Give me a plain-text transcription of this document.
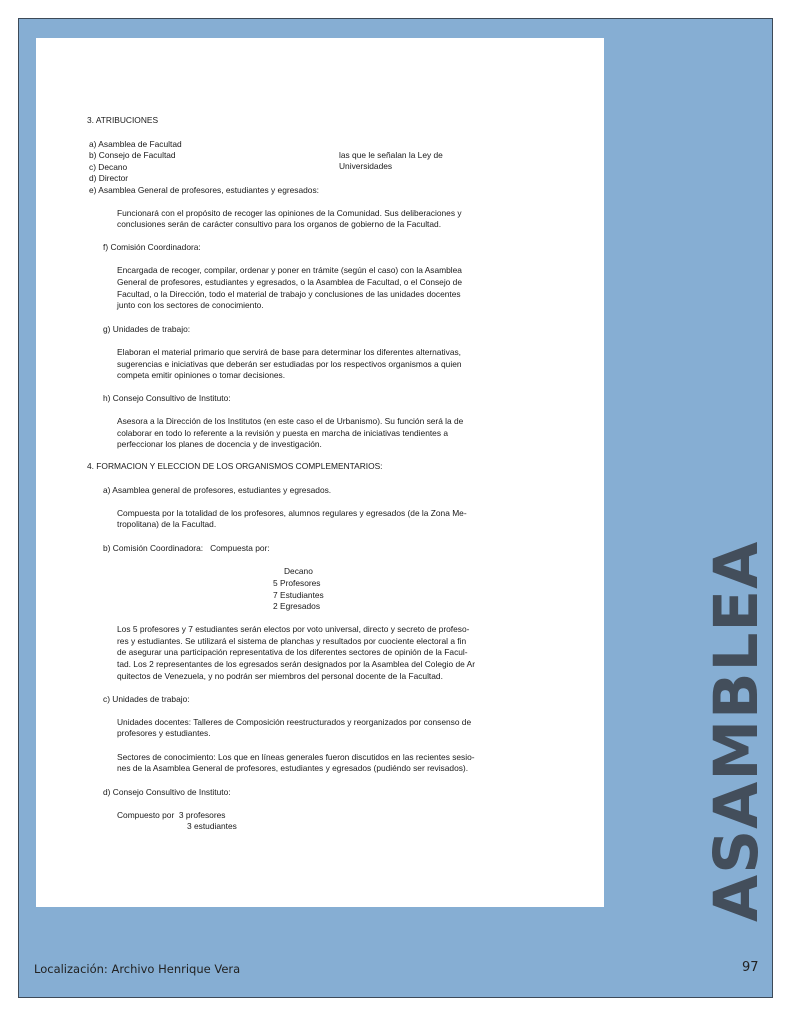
3. ATRIBUCIONES
a) Asamblea de Facultad
b) Consejo de Facultad
c) Decano
d) Director
las que le señalan la Ley de
Universidades
e) Asamblea General de profesores, estudiantes y egresados:
Funcionará con el propósito de recoger las opiniones de la Comunidad. Sus deliberaciones y
conclusiones serán de carácter consultivo para los organos de gobierno de la Facultad.
f) Comisión Coordinadora:
Encargada de recoger, compilar, ordenar y poner en trámite (según el caso) con la Asamblea
General de profesores, estudiantes y egresados, o la Asamblea de Facultad, o el Consejo de
Facultad, o la Dirección, todo el material de trabajo y conclusiones de las unidades docentes
junto con los sectores de conocimiento.
g) Unidades de trabajo:
Elaboran el material primario que servirá de base para determinar los diferentes alternativas,
sugerencias e iniciativas que deberán ser estudiadas por los respectivos organismos a quien
competa emitir opiniones o tomar decisiones.
h) Consejo Consultivo de Instituto:
Asesora a la Dirección de los Institutos (en este caso el de Urbanismo). Su función será la de
colaborar en todo lo referente a la revisión y puesta en marcha de iniciativas tendientes a
perfeccionar los planes de docencia y de investigación.
4. FORMACION Y ELECCION DE LOS ORGANISMOS COMPLEMENTARIOS:
a) Asamblea general de profesores, estudiantes y egresados.
Compuesta por la totalidad de los profesores, alumnos regulares y egresados (de la Zona Me-
tropolitana) de la Facultad.
b) Comisión Coordinadora:   Compuesta por:
Decano
5 Profesores
7 Estudiantes
2 Egresados
Los 5 profesores y 7 estudiantes serán electos por voto universal, directo y secreto de profeso-
res y estudiantes. Se utilizará el sistema de planchas y resultados por cuociente electoral a fin
de asegurar una participación representativa de los diferentes sectores de opinión de la Facul-
tad. Los 2 representantes de los egresados serán designados por la Asamblea del Colegio de Ar
quitectos de Venezuela, y no podrán ser miembros del personal docente de la Facultad.
c) Unidades de trabajo:
Unidades docentes: Talleres de Composición reestructurados y reorganizados por consenso de
profesores y estudiantes.
Sectores de conocimiento: Los que en líneas generales fueron discutidos en las recientes sesio-
nes de la Asamblea General de profesores, estudiantes y egresados (pudiéndo ser revisados).
d) Consejo Consultivo de Instituto:
Compuesto por  3 profesores
3 estudiantes	ASAMBLEA
Localización: Archivo Henrique Vera	97
